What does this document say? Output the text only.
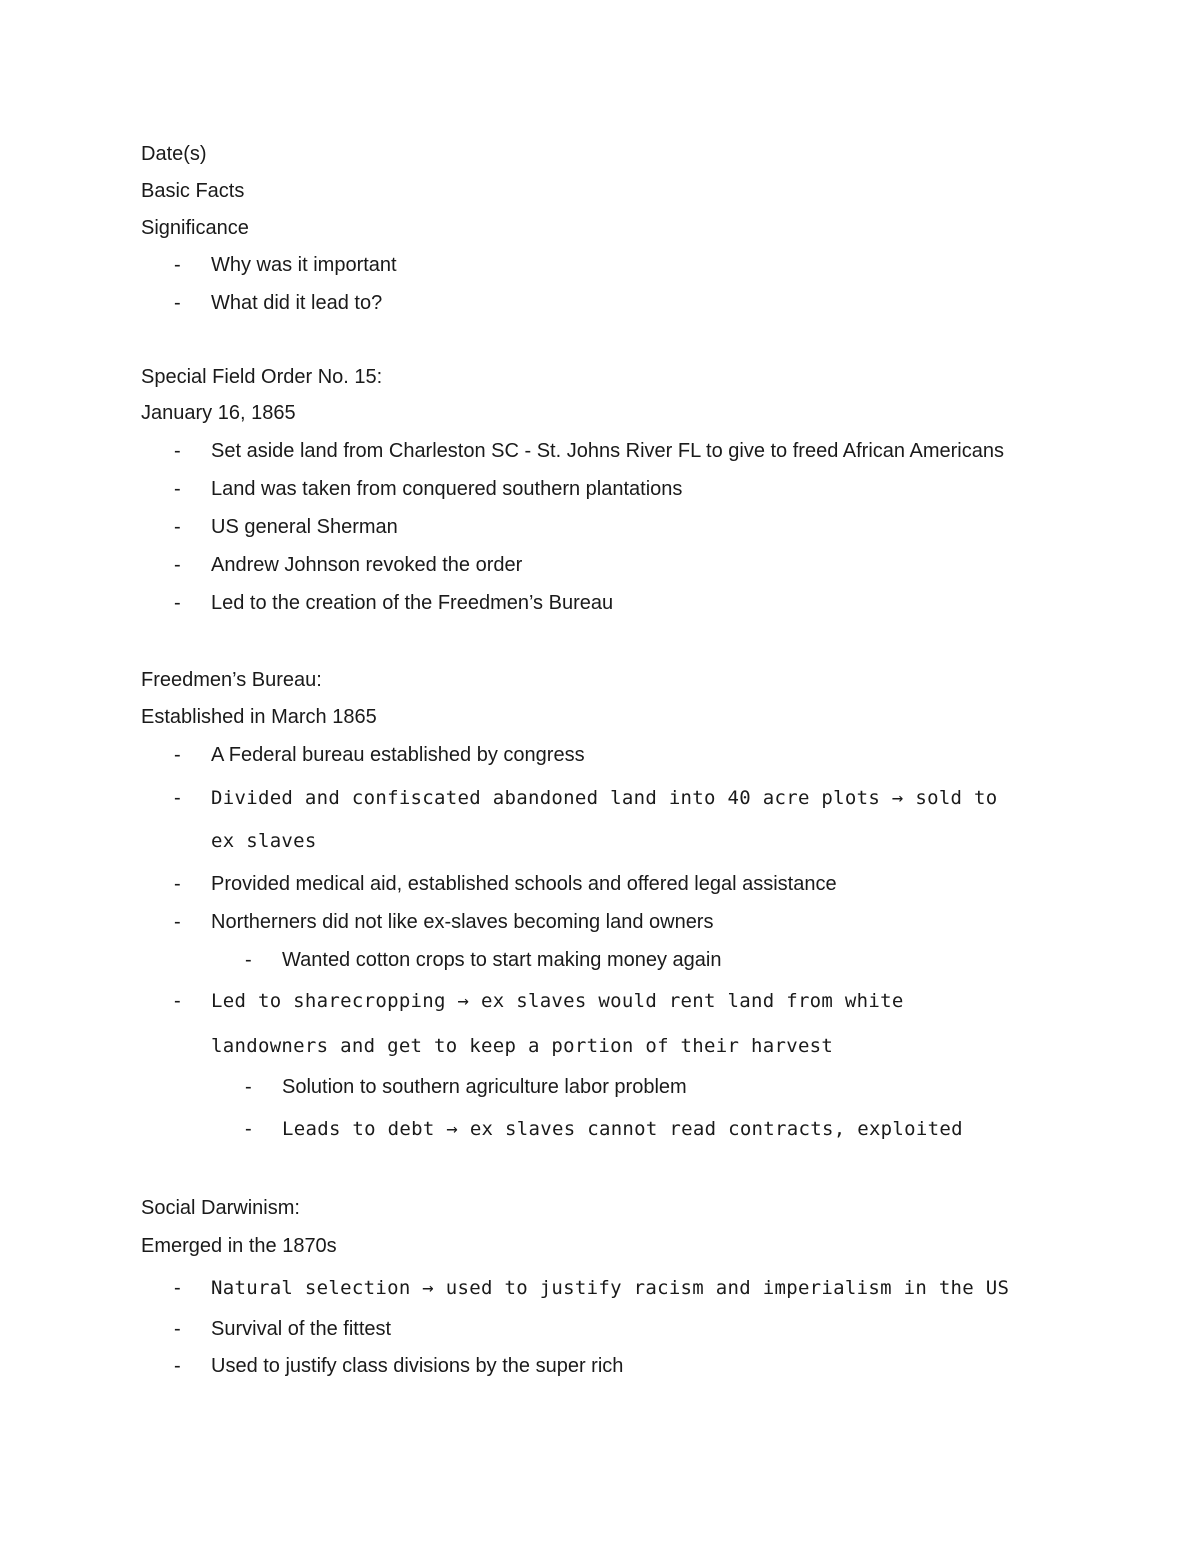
Date(s)
Basic Facts
Significance
- Why was it important
- What did it lead to?
Special Field Order No. 15:
January 16, 1865
- Set aside land from Charleston SC - St. Johns River FL to give to freed African Americans
- Land was taken from conquered southern plantations
- US general Sherman
- Andrew Johnson revoked the order
- Led to the creation of the Freedmen’s Bureau
Freedmen’s Bureau:
Established in March 1865
- A Federal bureau established by congress
- Divided and confiscated abandoned land into 40 acre plots → sold to
ex slaves
- Provided medical aid, established schools and offered legal assistance
- Northerners did not like ex-slaves becoming land owners
- Wanted cotton crops to start making money again
- Led to sharecropping → ex slaves would rent land from white
landowners and get to keep a portion of their harvest
- Solution to southern agriculture labor problem
- Leads to debt → ex slaves cannot read contracts, exploited
Social Darwinism:
Emerged in the 1870s
- Natural selection → used to justify racism and imperialism in the US
- Survival of the fittest
- Used to justify class divisions by the super rich
